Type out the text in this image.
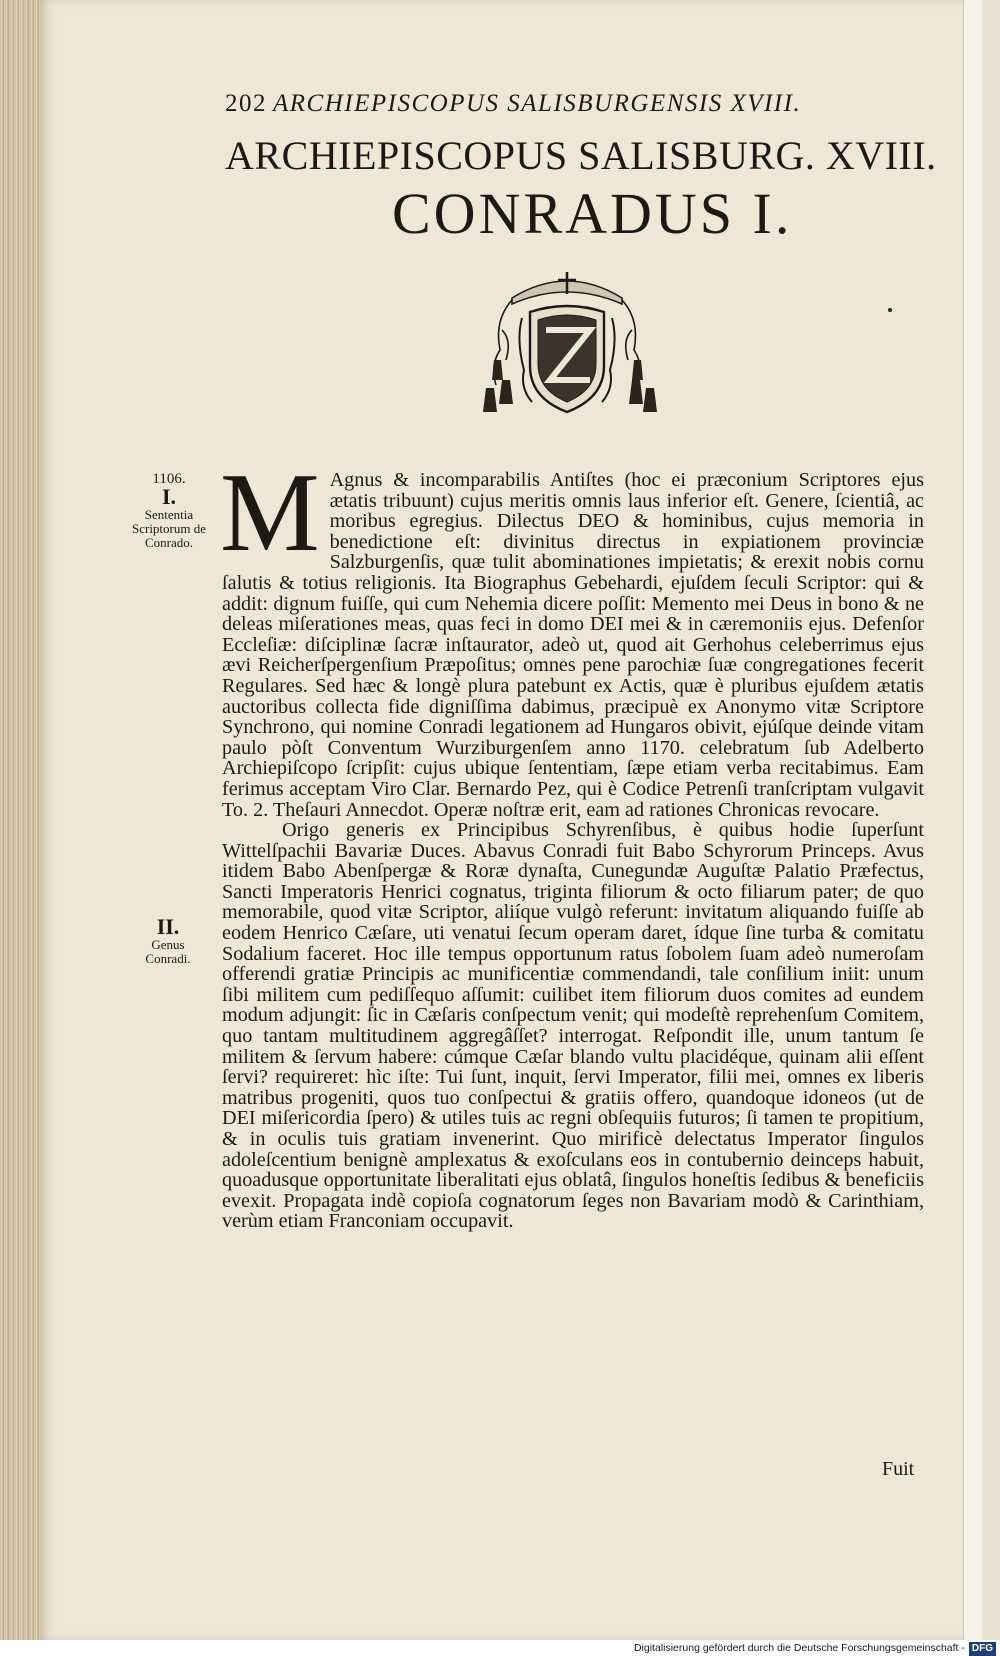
202 ARCHIEPISCOPUS SALISBURGENSIS XVIII.
ARCHIEPISCOPUS SALISBURG. XVIII.
CONRADUS I.
1106.
I.
Sententia Scriptorum de Conrado.
II.
Genus Conradi.

M Agnus & incomparabilis Antiſtes (hoc ei præconium Scriptores ejus ætatis tribuunt) cujus meritis omnis laus inferior eſt. Genere, ſcientiâ, ac moribus egregius. Dilectus DEO & hominibus, cujus memoria in benedictione eſt: divinitus directus in expiationem provinciæ Salzburgenſis, quæ tulit abominationes impietatis; & erexit nobis cornu ſalutis & totius religionis. Ita Biographus Gebehardi, ejuſdem ſeculi Scriptor: qui & addit: dignum fuiſſe, qui cum Nehemia dicere poſſit: Memento mei Deus in bono & ne deleas miſerationes meas, quas feci in domo DEI mei & in cæremoniis ejus. Defenſor Eccleſiæ: diſciplinæ ſacræ inſtaurator, adeò ut, quod ait Gerhohus celeberrimus ejus ævi Reicherſpergenſium Præpoſitus; omnes pene parochiæ ſuæ congregationes fecerit Regulares. Sed hæc & longè plura patebunt ex Actis, quæ è pluribus ejuſdem ætatis auctoribus collecta fide digniſſima dabimus, præcipuè ex Anonymo vitæ Scriptore Synchrono, qui nomine Conradi legationem ad Hungaros obivit, ejúſque deinde vitam paulo pòſt Conventum Wurziburgenſem anno 1170. celebratum ſub Adelberto Archiepiſcopo ſcripſit: cujus ubique ſententiam, ſæpe etiam verba recitabimus. Eam ferimus acceptam Viro Clar. Bernardo Pez, qui è Codice Petrenſi tranſcriptam vulgavit To. 2. Theſauri Annecdot. Operæ noſtræ erit, eam ad rationes Chronicas revocare.

Origo generis ex Principibus Schyrenſibus, è quibus hodie ſuperſunt Wittelſpachii Bavariæ Duces. Abavus Conradi fuit Babo Schyrorum Princeps. Avus itidem Babo Abenſpergæ & Roræ dynaſta, Cunegundæ Auguſtæ Palatio Præfectus, Sancti Imperatoris Henrici cognatus, triginta filiorum & octo filiarum pater; de quo memorabile, quod vitæ Scriptor, aliíque vulgò referunt: invitatum aliquando fuiſſe ab eodem Henrico Cæſare, uti venatui ſecum operam daret, ídque ſine turba & comitatu Sodalium faceret. Hoc ille tempus opportunum ratus ſobolem ſuam adeò numeroſam offerendi gratiæ Principis ac munificentiæ commendandi, tale conſilium iniit: unum ſibi militem cum pediſſequo aſſumit: cuilibet item filiorum duos comites ad eundem modum adjungit: ſic in Cæſaris conſpectum venit; qui modeſtè reprehenſum Comitem, quo tantam multitudinem aggregâſſet? interrogat. Reſpondit ille, unum tantum ſe militem & ſervum habere: cúmque Cæſar blando vultu placidéque, quinam alii eſſent ſervi? requireret: hìc iſte: Tui ſunt, inquit, ſervi Imperator, filii mei, omnes ex liberis matribus progeniti, quos tuo conſpectui & gratiis offero, quandoque idoneos (ut de DEI miſericordia ſpero) & utiles tuis ac regni obſequiis futuros; ſi tamen te propitium, & in oculis tuis gratiam invenerint. Quo mirificè delectatus Imperator ſingulos adoleſcentium benignè amplexatus & exoſculans eos in contubernio deinceps habuit, quoadusque opportunitate liberalitati ejus oblatâ, ſingulos honeſtis ſedibus & beneficiis evexit. Propagata indè copioſa cognatorum ſeges non Bavariam modò & Carinthiam, verùm etiam Franconiam occupavit.

Fuit
Digitalisierung gefördert durch die Deutsche Forschungsgemeinschaft - DFG
